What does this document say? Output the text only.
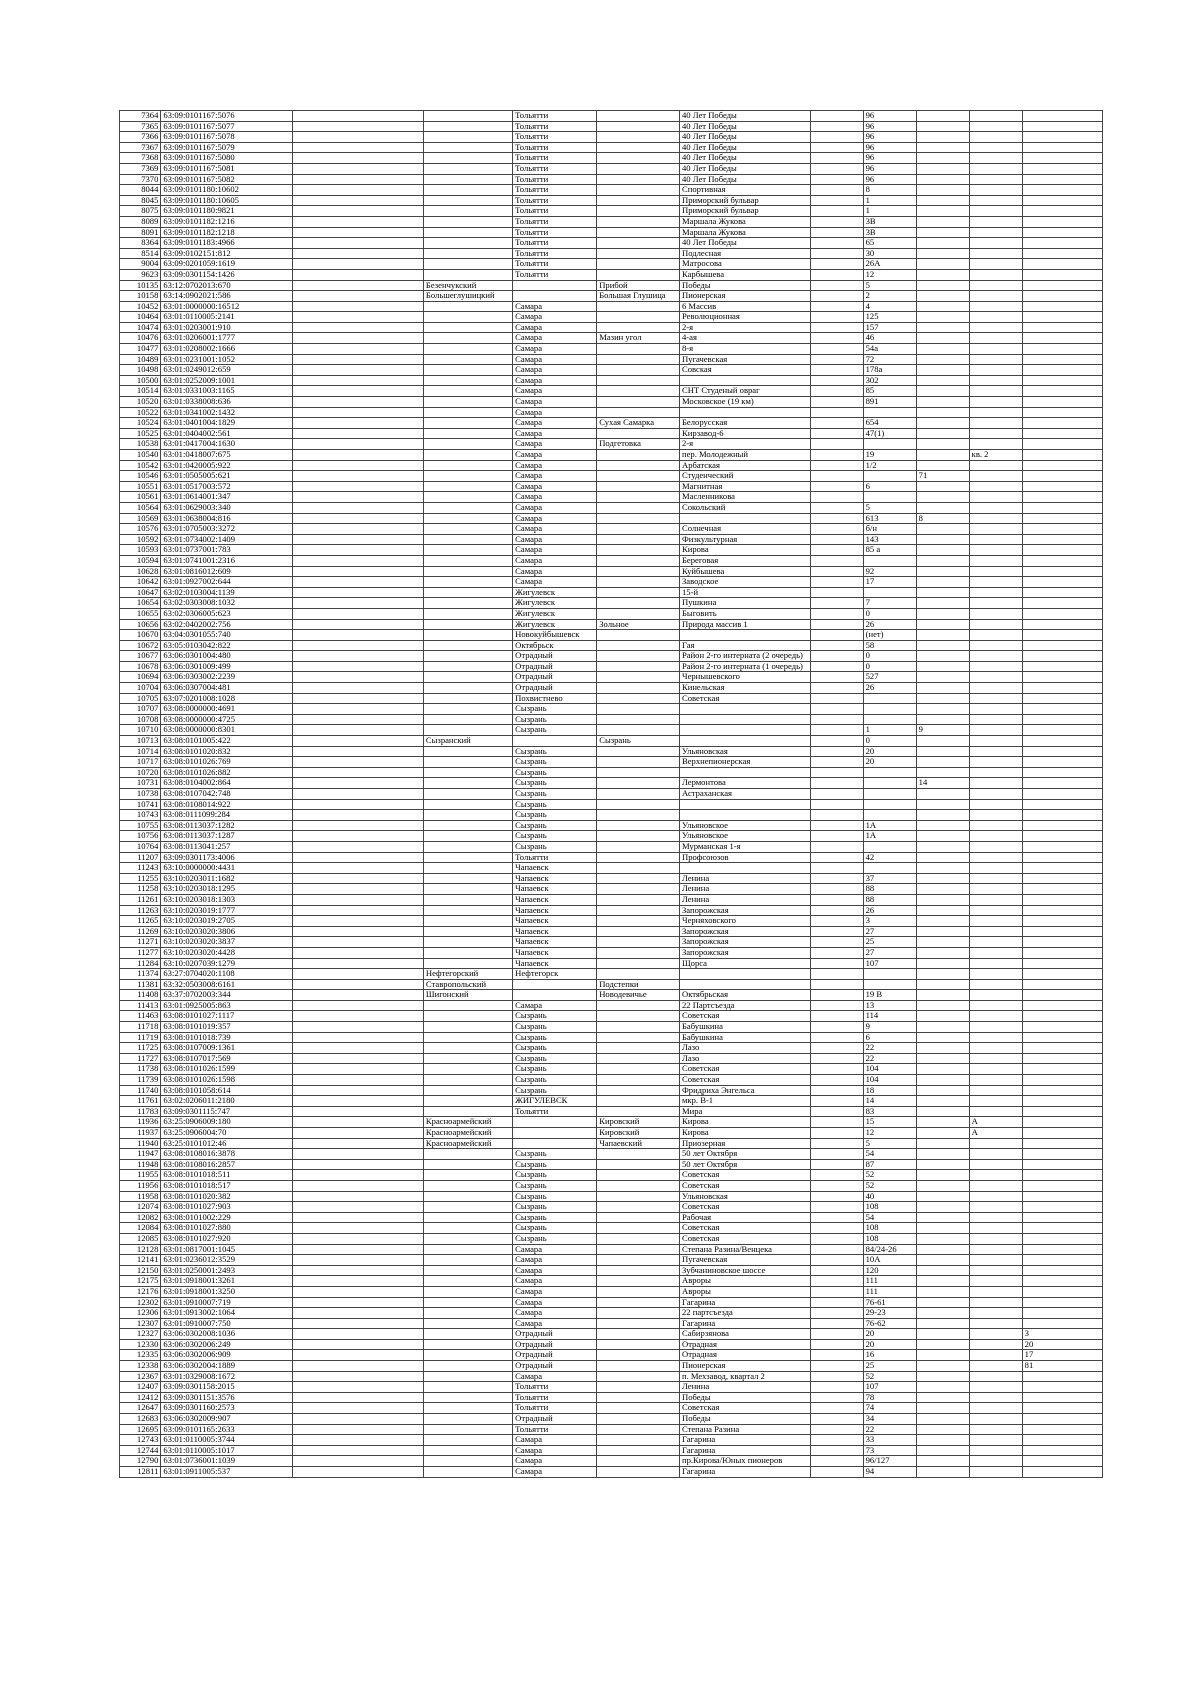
7364	63:09:0101167:5076			Тольятти		40 Лет Победы		96			
7365	63:09:0101167:5077			Тольятти		40 Лет Победы		96			
7366	63:09:0101167:5078			Тольятти		40 Лет Победы		96			
7367	63:09:0101167:5079			Тольятти		40 Лет Победы		96			
7368	63:09:0101167:5080			Тольятти		40 Лет Победы		96			
7369	63:09:0101167:5081			Тольятти		40 Лет Победы		96			
7370	63:09:0101167:5082			Тольятти		40 Лет Победы		96			
8044	63:09:0101180:10602			Тольятти		Спортивная		8			
8045	63:09:0101180:10605			Тольятти		Приморский бульвар		1			
8075	63:09:0101180:9821			Тольятти		Приморский бульвар		1			
8089	63:09:0101182:1216			Тольятти		Маршала Жукова		3В			
8091	63:09:0101182:1218			Тольятти		Маршала Жукова		3В			
8364	63:09:0101183:4966			Тольятти		40 Лет Победы		65			
8514	63:09:0102151:812			Тольятти		Подлесная		30			
9004	63:09:0201059:1619			Тольятти		Матросова		26А			
9623	63:09:0301154:1426			Тольятти		Карбышева		12			
10135	63:12:0702013:670		Безенчукский		Прибой	Победы		5			
10158	63:14:0902021:586		Большеглушицкий		Большая Глушица	Пионерская		2			
10452	63:01:0000000:16512			Самара		6 Массив		4			
10464	63:01:0110005:2141			Самара		Революционная		125			
10474	63:01:0203001:910			Самара		2-я		157			
10476	63:01:0206001:1777			Самара	Мазин угол	4-ая		46			
10477	63:01:0208002:1666			Самара		8-я		54а			
10489	63:01:0231001:1052			Самара		Пугачевская		72			
10498	63:01:0249012:659			Самара		Совская		178а			
10500	63:01:0252009:1001			Самара				302			
10514	63:01:0331003:1165			Самара		СНТ Студеный овраг		85			
10520	63:01:0338008:636			Самара		Московское (19 км)		891			
10522	63:01:0341002:1432			Самара							
10524	63:01:0401004:1829			Самара	Сухая Самарка	Белорусская		654			
10525	63:01:0404002:561			Самара		Кирзавод-6		47(1)			
10538	63:01:0417004:1630			Самара	Подгетовка	2-я					
10540	63:01:0418007:675			Самара		пер. Молодежный		19		кв. 2	
10542	63:01:0420005:922			Самара		Арбатская		1/2			
10546	63:01:0505005:621			Самара		Студенческий			71		
10551	63:01:0517003:572			Самара		Магнитная		6			
10561	63:01:0614001:347			Самара		Масленникова					
10564	63:01:0629003:340			Самара		Сокольский		5			
10569	63:01:0638004:816			Самара				613	8		
10576	63:01:0705003:3272			Самара		Солнечная		б/н			
10592	63:01:0734002:1409			Самара		Физкультурная		143			
10593	63:01:0737001:783			Самара		Кирова		85 а			
10594	63:01:0741001:2316			Самара		Береговая					
10628	63:01:0816012:609			Самара		Куйбышева		92			
10642	63:01:0927002:644			Самара		Заводское		17			
10647	63:02:0103004:1139			Жигулевск		15-й					
10654	63:02:0303008:1032			Жигулевск		Пушкина		7			
10655	63:02:0306005:623			Жигулевск		Быговить		0			
10656	63:02:0402002:756			Жигулевск	Зольное	Природа массив 1		26			
10670	63:04:0301055:740			Новокуйбышевск				(нет)			
10672	63:05:0103042:822			Октябрьск		Гая		58			
10677	63:06:0301004:480			Отрадный		Район 2-го интерната (2 очередь)		0			
10678	63:06:0301009:499			Отрадный		Район 2-го интерната (1 очередь)		0			
10694	63:06:0303002:2239			Отрадный		Чернышевского		527			
10704	63:06:0307004:481			Отрадный		Кинельская		26			
10705	63:07:0201008:1028			Похвистнево		Советская					
10707	63:08:0000000:4691			Сызрань							
10708	63:08:0000000:4725			Сызрань							
10710	63:08:0000000:8301			Сызрань				1	9		
10713	63:08:0101005:422		Сызранский		Сызрань			0			
10714	63:08:0101020:832			Сызрань		Ульяновская		20			
10717	63:08:0101026:769			Сызрань		Верхнепионерская		20			
10720	63:08:0101026:882			Сызрань							
10731	63:08:0104002:864			Сызрань		Лермонтова			14		
10738	63:08:0107042:748			Сызрань		Астраханская					
10741	63:08:0108014:922			Сызрань							
10743	63:08:0111099:284			Сызрань							
10755	63:08:0113037:1282			Сызрань		Ульяновское		1А			
10756	63:08:0113037:1287			Сызрань		Ульяновское		1А			
10764	63:08:0113041:257			Сызрань		Мурманская 1-я					
11207	63:09:0301173:4006			Тольятти		Профсоюзов		42			
11243	63:10:0000000:4431			Чапаевск							
11255	63:10:0203011:1682			Чапаевск		Ленина		37			
11258	63:10:0203018:1295			Чапаевск		Ленина		88			
11261	63:10:0203018:1303			Чапаевск		Ленина		88			
11263	63:10:0203019:1777			Чапаевск		Запорожская		26			
11265	63:10:0203019:2705			Чапаевск		Черняховского		3			
11269	63:10:0203020:3806			Чапаевск		Запорожская		27			
11271	63:10:0203020:3837			Чапаевск		Запорожская		25			
11277	63:10:0203020:4428			Чапаевск		Запорожская		27			
11284	63:10:0207039:1279			Чапаевск		Щорса		107			
11374	63:27:0704020:1108		Нефтегорский	Нефтегорск							
11381	63:32:0503008:6161		Ставропольский		Подстепки						
11408	63:37:0702003:344		Шигонский		Новодевичье	Октябрьская		19 В			
11413	63:01:0925005:863			Самара		22 Партсъезда		13			
11463	63:08:0101027:1117			Сызрань		Советская		114			
11718	63:08:0101019:357			Сызрань		Бабушкина		9			
11719	63:08:0101018:739			Сызрань		Бабушкина		6			
11725	63:08:0107009:1361			Сызрань		Лазо		22			
11727	63:08:0107017:569			Сызрань		Лазо		22			
11738	63:08:0101026:1599			Сызрань		Советская		104			
11739	63:08:0101026:1598			Сызрань		Советская		104			
11740	63:08:0101058:614			Сызрань		Фридриха Энгельса		18			
11761	63:02:0206011:2180			ЖИГУЛЕВСК		мкр. В-1		14			
11783	63:09:0301115:747			Тольятти		Мира		83			
11936	63:25:0906009:180		Красноармейский		Кировский	Кирова		15		А	
11937	63:25:0906004:70		Красноармейский		Кировский	Кирова		12		А	
11940	63:25:0101012:46		Красноармейский		Чапаевский	Приозерная		5			
11947	63:08:0108016:3878			Сызрань		50 лет Октября		54			
11948	63:08:0108016:2857			Сызрань		50 лет Октября		87			
11955	63:08:0101018:511			Сызрань		Советская		52			
11956	63:08:0101018:517			Сызрань		Советская		52			
11958	63:08:0101020:382			Сызрань		Ульяновская		40			
12074	63:08:0101027:903			Сызрань		Советская		108			
12082	63:08:0101002:229			Сызрань		Рабочая		54			
12084	63:08:0101027:880			Сызрань		Советская		108			
12085	63:08:0101027:920			Сызрань		Советская		108			
12128	63:01:0817001:1045			Самара		Степана Разина/Венцека		84/24-26			
12141	63:01:0236012:3529			Самара		Пугачевская		10А			
12150	63:01:0250001:2493			Самара		Зубчаниновское шоссе		120			
12175	63:01:0918001:3261			Самара		Авроры		111			
12176	63:01:0918001:3250			Самара		Авроры		111			
12302	63:01:0910007:719			Самара		Гагарина		76-61			
12306	63:01:0913002:1064			Самара		22 партсъезда		29-23			
12307	63:01:0910007:750			Самара		Гагарина		76-62			
12327	63:06:0302008:1036			Отрадный		Сабирзянова		20			3
12330	63:06:0302006:249			Отрадный		Отрадная		20			20
12335	63:06:0302006:909			Отрадный		Отрадная		16			17
12338	63:06:0302004:1889			Отрадный		Пионерская		25			81
12367	63:01:0329008:1672			Самара		п. Мехзавод, квартал 2		52			
12407	63:09:0301158:2015			Тольятти		Ленина		107			
12412	63:09:0301151:3576			Тольятти		Победы		78			
12647	63:09:0301160:2573			Тольятти		Советская		74			
12683	63:06:0302009:907			Отрадный		Победы		34			
12695	63:09:0101165:2633			Тольятти		Степана Разина		22			
12743	63:01:0110005:3744			Самара		Гагарина		33			
12744	63:01:0110005:1017			Самара		Гагарина		73			
12790	63:01:0736001:1039			Самара		пр.Кирова/Юных пионеров		96/127			
12811	63:01:0911005:537			Самара		Гагарина		94			
